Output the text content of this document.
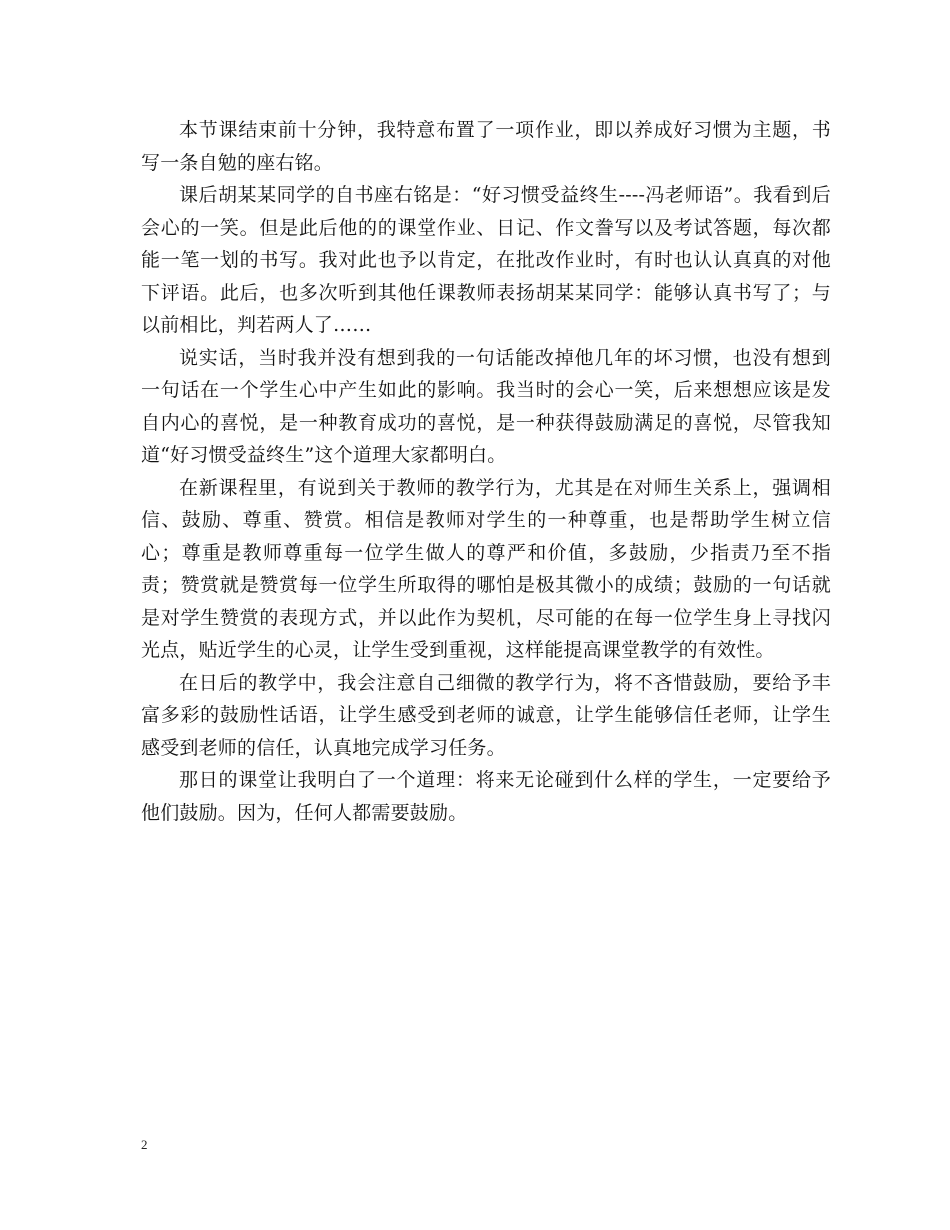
本节课结束前十分钟，我特意布置了一项作业，即以养成好习惯为主题，书写一条自勉的座右铭。

课后胡某某同学的自书座右铭是：“好习惯受益终生----冯老师语”。我看到后会心的一笑。但是此后他的的课堂作业、日记、作文誊写以及考试答题，每次都能一笔一划的书写。我对此也予以肯定，在批改作业时，有时也认认真真的对他下评语。此后，也多次听到其他任课教师表扬胡某某同学：能够认真书写了；与以前相比，判若两人了……

说实话，当时我并没有想到我的一句话能改掉他几年的坏习惯，也没有想到一句话在一个学生心中产生如此的影响。我当时的会心一笑，后来想想应该是发自内心的喜悦，是一种教育成功的喜悦，是一种获得鼓励满足的喜悦，尽管我知道“好习惯受益终生”这个道理大家都明白。

在新课程里，有说到关于教师的教学行为，尤其是在对师生关系上，强调相信、鼓励、尊重、赞赏。相信是教师对学生的一种尊重，也是帮助学生树立信心；尊重是教师尊重每一位学生做人的尊严和价值，多鼓励，少指责乃至不指责；赞赏就是赞赏每一位学生所取得的哪怕是极其微小的成绩；鼓励的一句话就是对学生赞赏的表现方式，并以此作为契机，尽可能的在每一位学生身上寻找闪光点，贴近学生的心灵，让学生受到重视，这样能提高课堂教学的有效性。

在日后的教学中，我会注意自己细微的教学行为，将不吝惜鼓励，要给予丰富多彩的鼓励性话语，让学生感受到老师的诚意，让学生能够信任老师，让学生感受到老师的信任，认真地完成学习任务。

那日的课堂让我明白了一个道理：将来无论碰到什么样的学生，一定要给予他们鼓励。因为，任何人都需要鼓励。

2
